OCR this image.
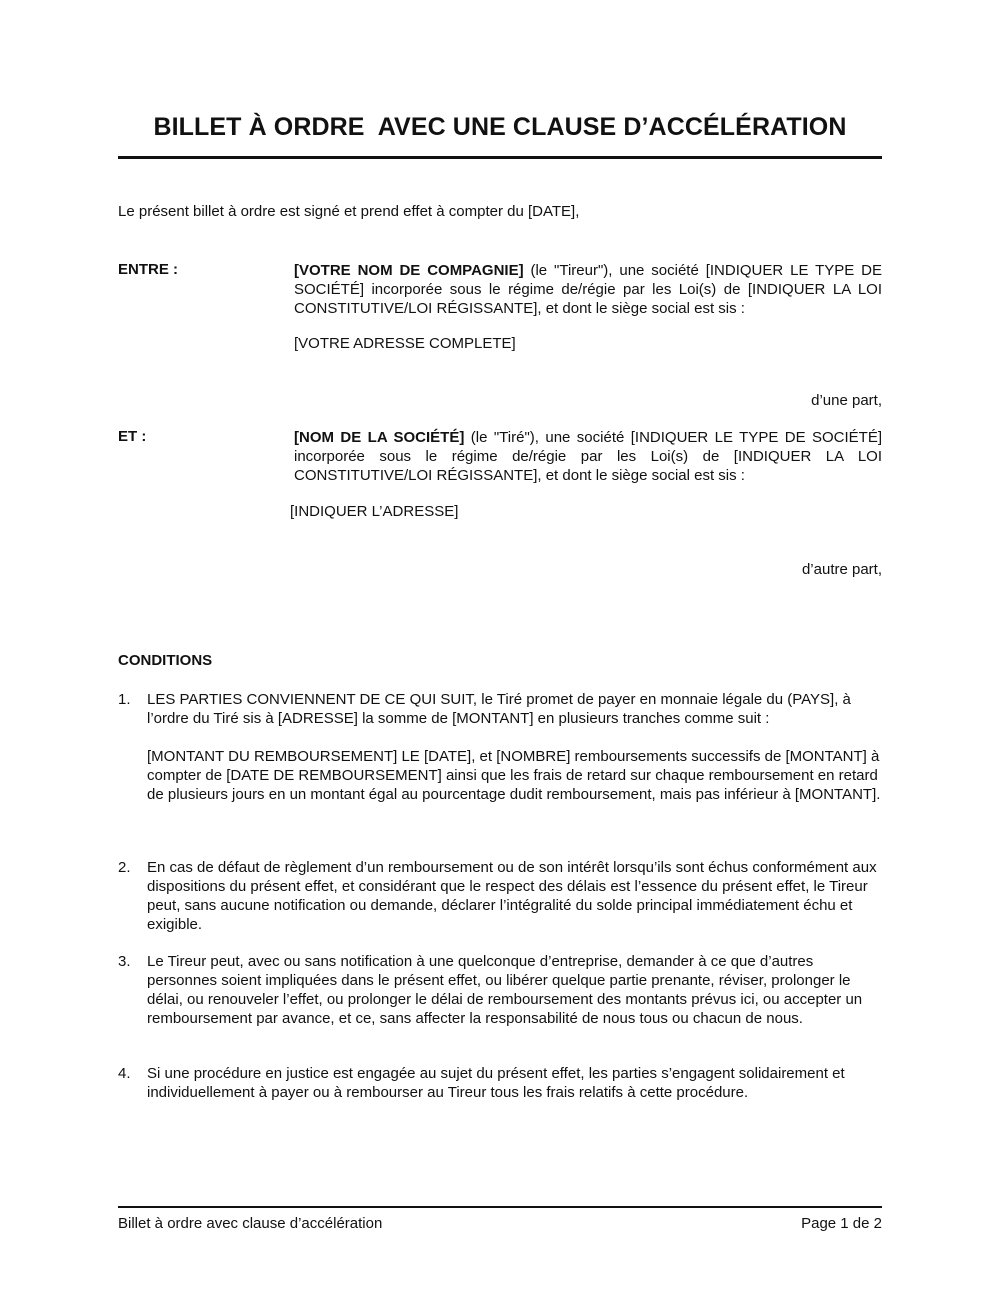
BILLET À ORDRE  AVEC UNE CLAUSE D’ACCÉLÉRATION
Le présent billet à ordre est signé et prend effet à compter du [DATE],
ENTRE :	[VOTRE NOM DE COMPAGNIE] (le "Tireur"), une société [INDIQUER LE TYPE DE SOCIÉTÉ] incorporée sous le régime de/régie par les Loi(s) de [INDIQUER LA LOI CONSTITUTIVE/LOI RÉGISSANTE], et dont le siège social est sis :
[VOTRE ADRESSE COMPLETE]
d’une part,
ET :	[NOM DE LA SOCIÉTÉ] (le "Tiré"), une société [INDIQUER LE TYPE DE SOCIÉTÉ] incorporée sous le régime de/régie par les Loi(s) de [INDIQUER LA LOI CONSTITUTIVE/LOI RÉGISSANTE], et dont le siège social est sis :
[INDIQUER L’ADRESSE]
d’autre part,
CONDITIONS
1. LES PARTIES CONVIENNENT DE CE QUI SUIT, le Tiré promet de payer en monnaie légale du (PAYS], à l’ordre du Tiré sis à [ADRESSE] la somme de [MONTANT] en plusieurs tranches comme suit :

[MONTANT DU REMBOURSEMENT] LE [DATE], et [NOMBRE] remboursements successifs de [MONTANT] à compter de [DATE DE REMBOURSEMENT] ainsi que les frais de retard sur chaque remboursement en retard de plusieurs jours en un montant égal au pourcentage dudit remboursement, mais pas inférieur à [MONTANT].

2. En cas de défaut de règlement d’un remboursement ou de son intérêt lorsqu’ils sont échus conformément aux dispositions du présent effet, et considérant que le respect des délais est l’essence du présent effet, le Tireur peut, sans aucune notification ou demande, déclarer l’intégralité du solde principal immédiatement échu et exigible.

3. Le Tireur peut, avec ou sans notification à une quelconque d’entreprise, demander à ce que d’autres personnes soient impliquées dans le présent effet, ou libérer quelque partie prenante, réviser, prolonger le délai, ou renouveler l’effet, ou prolonger le délai de remboursement des montants prévus ici, ou accepter un remboursement par avance, et ce, sans affecter la responsabilité de nous tous ou chacun de nous.

4. Si une procédure en justice est engagée au sujet du présent effet, les parties s’engagent solidairement et individuellement à payer ou à rembourser au Tireur tous les frais relatifs à cette procédure.

Billet à ordre avec clause d’accélération	Page 1 de 2
